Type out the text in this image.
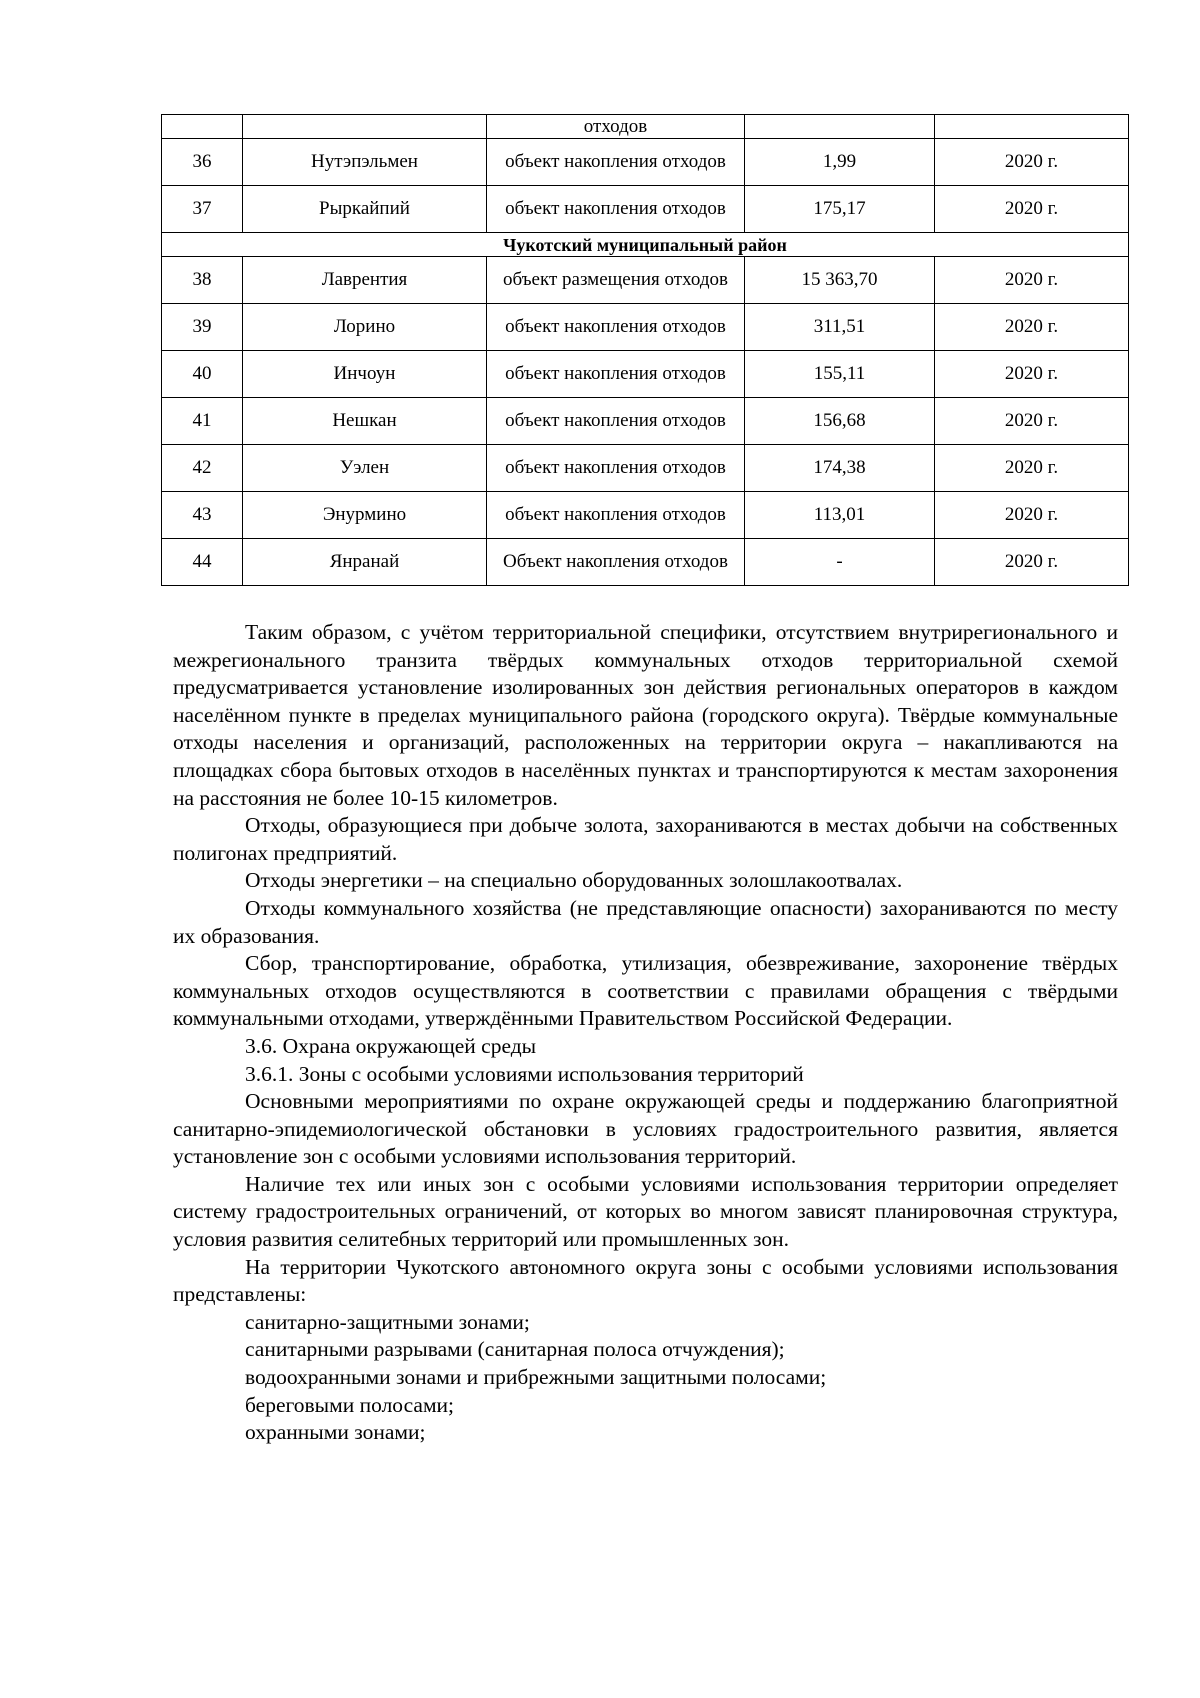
		отходов		
36	Нутэпэльмен	объект накопления отходов	1,99	2020 г.
37	Рыркайпий	объект накопления отходов	175,17	2020 г.
Чукотский муниципальный район				
38	Лаврентия	объект размещения отходов	15 363,70	2020 г.
39	Лорино	объект накопления отходов	311,51	2020 г.
40	Инчоун	объект накопления отходов	155,11	2020 г.
41	Нешкан	объект накопления отходов	156,68	2020 г.
42	Уэлен	объект накопления отходов	174,38	2020 г.
43	Энурмино	объект накопления отходов	113,01	2020 г.
44	Янранай	Объект накопления отходов	-	2020 г.

Таким образом, с учётом территориальной специфики, отсутствием внутрирегионального и межрегионального транзита твёрдых коммунальных отходов территориальной схемой предусматривается установление изолированных зон действия региональных операторов в каждом населённом пункте в пределах муниципального района (городского округа). Твёрдые коммунальные отходы населения и организаций, расположенных на территории округа – накапливаются на площадках сбора бытовых отходов в населённых пунктах и транспортируются к местам захоронения на расстояния не более 10-15 километров.

Отходы, образующиеся при добыче золота, захораниваются в местах добычи на собственных полигонах предприятий.

Отходы энергетики – на специально оборудованных золошлакоотвалах.

Отходы коммунального хозяйства (не представляющие опасности) захораниваются по месту их образования.

Сбор, транспортирование, обработка, утилизация, обезвреживание, захоронение твёрдых коммунальных отходов осуществляются в соответствии с правилами обращения с твёрдыми коммунальными отходами, утверждёнными Правительством Российской Федерации.

3.6. Охрана окружающей среды

3.6.1. Зоны с особыми условиями использования территорий

Основными мероприятиями по охране окружающей среды и поддержанию благоприятной санитарно-эпидемиологической обстановки в условиях градостроительного развития, является установление зон с особыми условиями использования территорий.

Наличие тех или иных зон с особыми условиями использования территории определяет систему градостроительных ограничений, от которых во многом зависят планировочная структура, условия развития селитебных территорий или промышленных зон.

На территории Чукотского автономного округа зоны с особыми условиями использования представлены:

санитарно-защитными зонами;

санитарными разрывами (санитарная полоса отчуждения);

водоохранными зонами и прибрежными защитными полосами;

береговыми полосами;

охранными зонами;
